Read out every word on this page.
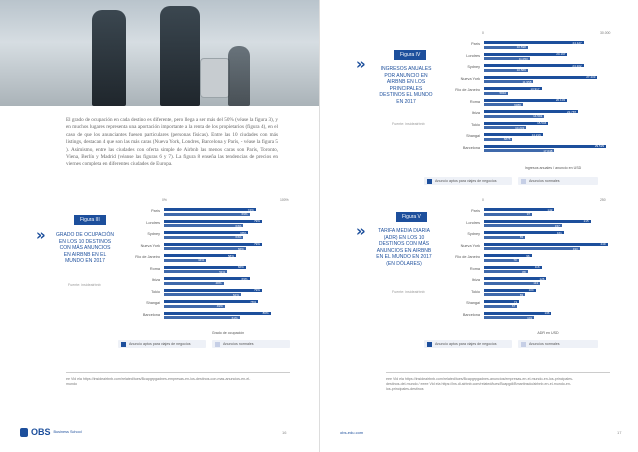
El grado de ocupación en cada destino es diferente, pero llega a ser más del 50% (véase la figura 3), y en muchos lugares representa una aportación importante a la renta de los propietarios (figura 4), en el caso de que los anunciantes fuesen particulares (personas físicas). Entre las 10 ciudades con más listings, destacan 4 que son las más caras (Nueva York, Londres, Barcelona y París, - véase la figura 5 ). Asimismo, entre las ciudades con oferta simple de Airbnb las menos caras son París, Toronto, Viena, Berlín y Madrid (véanse las figuras 6 y 7). La figura 8 enseña las tendencias de precios en viernes completa en diferentes ciudades de Europa.
»
Figura III
GRADO DE OCUPACIÓN EN LOS 10 DESTINOS CON MÁS ANUNCIOS EN AIRBNB EN EL MUNDO EN 2017
Fuente: insideairbnb
París	74%
69%
Londres	79%
64%
Sydney	68%
64%
Nueva York	79%
66%
Río de Janeiro	58%
34%
Roma	66%
51%
Ibiza	69%
48%
Tokio	79%
62%
Shangai	76%
49%
Barcelona	86%
61%
0%	100%
Grado de ocupación
Anuncio aptos para viajes de negocios	Anuncios normales
ee Vid ela https://insideairbnb.com/related/tues/Bcapgrpgadnes-empresas-en-los-destinos-con-mas-anuncios-en-el-mundo
OBS Business School	16
»	Figura IV
INGRESOS ANUALES POR ANUNCIO EN AIRBNB EN LOS PRINCIPALES DESTINOS EL MUNDO EN 2017
Fuente: insideairbnb
París	24.127
10.598
Londres	20.197
11.053
Sydney	24.102
10.589
Nueva York	27.433
11.958
Río de Janeiro	13.917
5840
Roma	20.103
9388
Ibiza	22.787
14.591
Tokio	15.546
10.232
Shangai	14.216
6878
Barcelona	29.529
17.048
0	30.000
Ingresos anuales / anuncio en USD
Anuncio aptos para viajes de negocios	Anuncios normales
»
Figura V
TARIFA MEDIA DIARIA (ADR) EN LOS 10 DESTINOS CON MÁS ANUNCIOS EN AIRBNB EN EL MUNDO EN 2017 (EN DÓLARES)
Fuente: insideairbnb
París	142
97
Londres	215
157
Sydney	161
83
Nueva York	249
193
Río de Janeiro	96
70
Roma	116
88
Ibiza	126
113
Tokio	104
83
Shangai	71
67
Barcelona	136
101
0	250
ADR en USD
Anuncio aptos para viajes de negocios	Anuncios normales
eee Vid ela https://insideairbnb.com/related/tues/Bcapgrpgadnes-anuncios/empresas-en-el-mundo-en-los-principales-destinos-del-mundo / eeee Vid ela https://ins.di.airbnb.com/related/tues/Bcapgdl/Bmartinsdo/airbnb-en-el-mundo-en-los-principales-destinos
obs-edu.com	17
